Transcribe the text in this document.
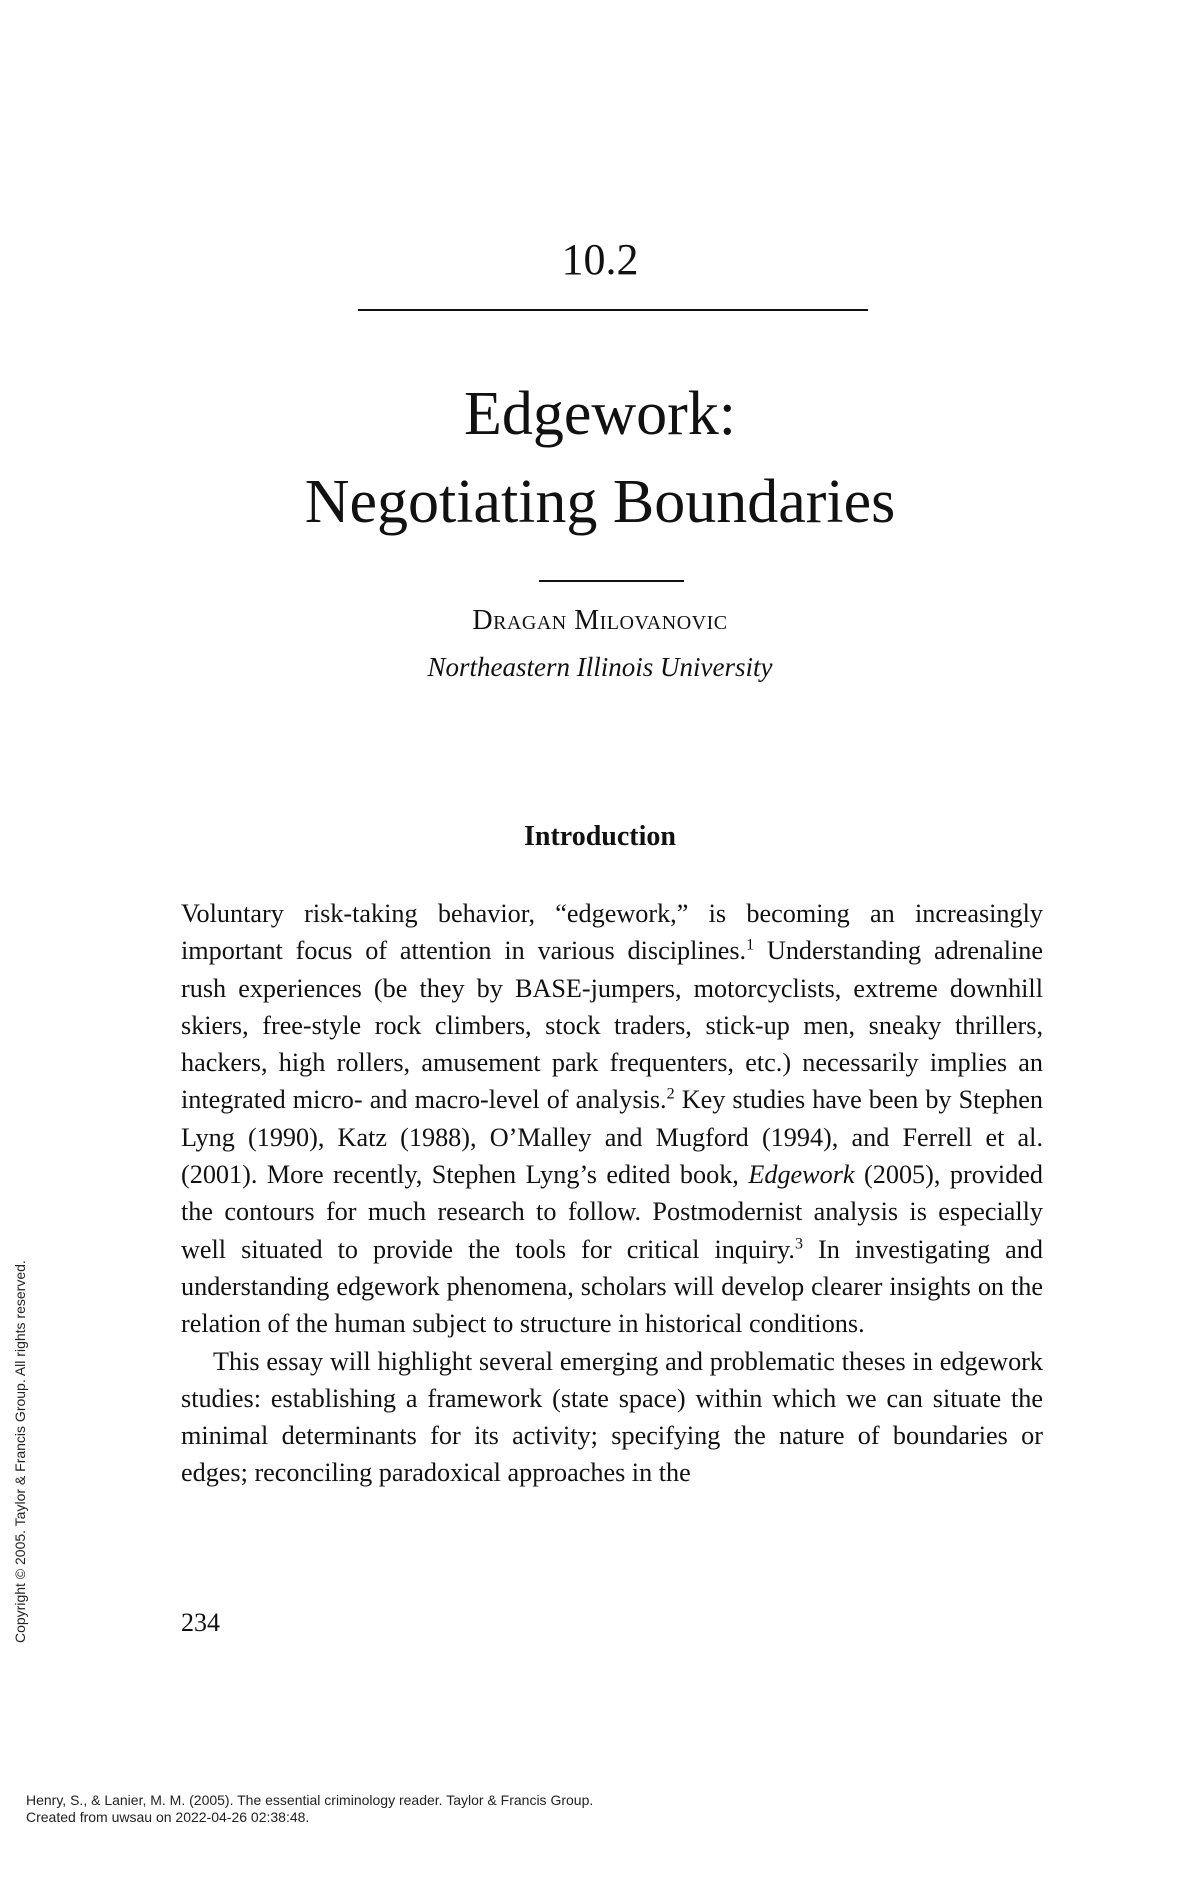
10.2
Edgework:
Negotiating Boundaries
Dragan Milovanovic
Northeastern Illinois University
Introduction

Voluntary risk-taking behavior, “edgework,” is becoming an increasingly important focus of attention in various disciplines.$^1$ Understanding adrenaline rush experiences (be they by BASE-jumpers, motorcyclists, extreme downhill skiers, free-style rock climbers, stock traders, stick-up men, sneaky thrillers, hackers, high rollers, amusement park frequenters, etc.) necessarily implies an integrated micro- and macro-level of analysis.$^2$ Key studies have been by Stephen Lyng (1990), Katz (1988), O’Malley and Mugford (1994), and Ferrell et al. (2001). More recently, Stephen Lyng’s edited book, Edgework (2005), provided the contours for much research to follow. Postmodernist analysis is especially well situated to provide the tools for critical inquiry.$^3$ In investigating and understanding edgework phenomena, scholars will develop clearer insights on the relation of the human subject to structure in historical conditions.

This essay will highlight several emerging and problematic theses in edgework studies: establishing a framework (state space) within which we can situate the minimal determinants for its activity; specifying the nature of boundaries or edges; reconciling paradoxical approaches in the

234
Copyright © 2005. Taylor & Francis Group. All rights reserved.
Henry, S., & Lanier, M. M. (2005). The essential criminology reader. Taylor & Francis Group.
Created from uwsau on 2022-04-26 02:38:48.
